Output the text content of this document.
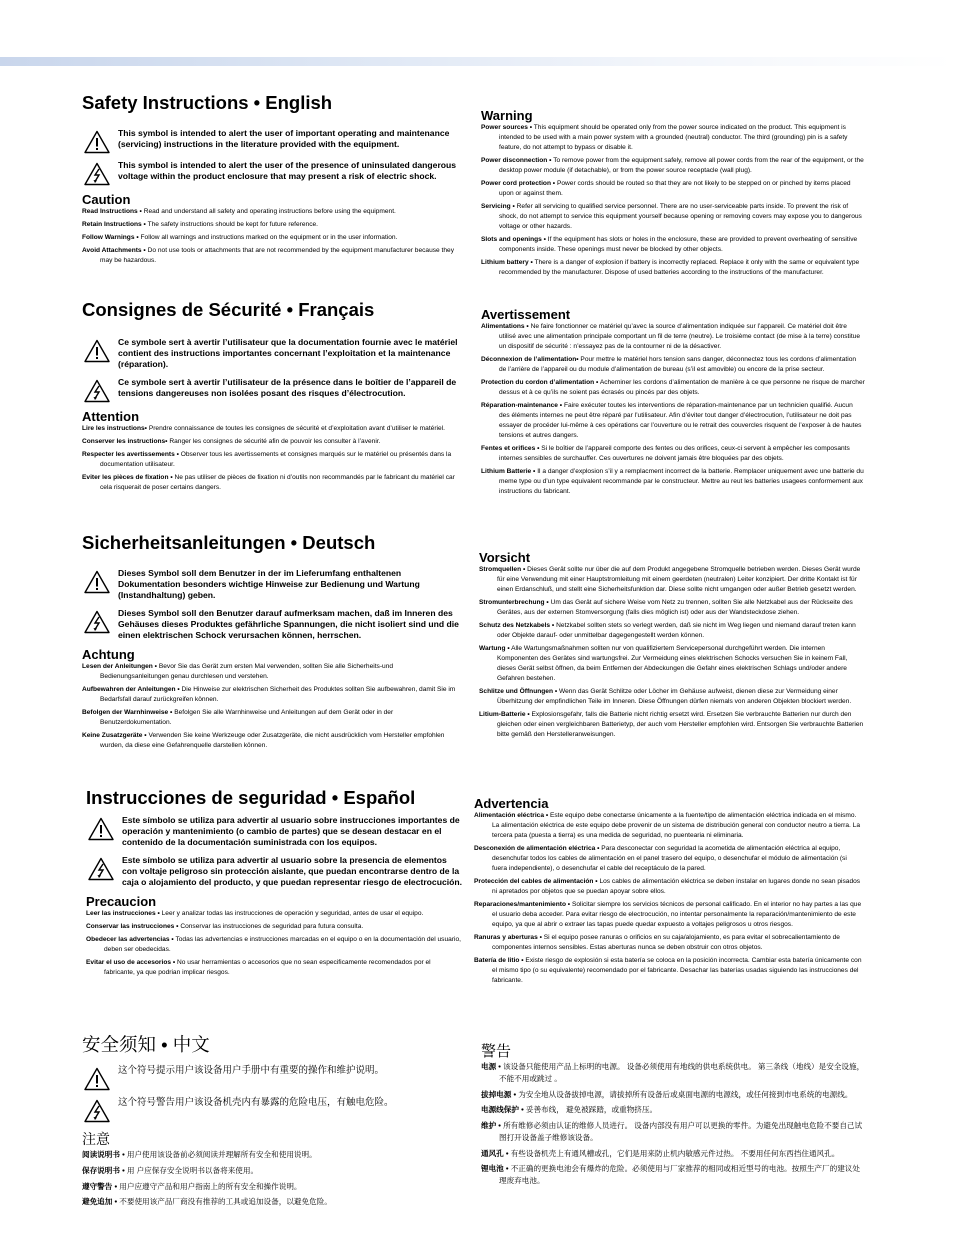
Safety Instructions • English
This symbol is intended to alert the user of important operating and maintenance (servicing) instructions in the literature provided with the equipment.
This symbol is intended to alert the user of the presence of uninsulated dangerous voltage within the product enclosure that may present a risk of electric shock.
Caution
Read Instructions • Read and understand all safety and operating instructions before using the equipment.
Retain Instructions • The safety instructions should be kept for future reference.
Follow Warnings • Follow all warnings and instructions marked on the equipment or in the user information.
Avoid Attachments • Do not use tools or attachments that are not recommended by the equipment manufacturer because they may be hazardous.
Warning
Power sources • This equipment should be operated only from the power source indicated on the product. This equipment is intended to be used with a main power system with a grounded (neutral) conductor. The third (grounding) pin is a safety feature, do not attempt to bypass or disable it.
Power disconnection • To remove power from the equipment safely, remove all power cords from the rear of the equipment, or the desktop power module (if detachable), or from the power source receptacle (wall plug).
Power cord protection • Power cords should be routed so that they are not likely to be stepped on or pinched by items placed upon or against them.
Servicing • Refer all servicing to qualified service personnel. There are no user-serviceable parts inside. To prevent the risk of shock, do not attempt to service this equipment yourself because opening or removing covers may expose you to dangerous voltage or other hazards.
Slots and openings • If the equipment has slots or holes in the enclosure, these are provided to prevent overheating of sensitive components inside. These openings must never be blocked by other objects.
Lithium battery • There is a danger of explosion if battery is incorrectly replaced. Replace it only with the same or equivalent type recommended by the manufacturer. Dispose of used batteries according to the instructions of the manufacturer.
Consignes de Sécurité • Français
Ce symbole sert à avertir l’utilisateur que la documentation fournie avec le matériel contient des instructions importantes concernant l’exploitation et la maintenance (réparation).
Ce symbole sert à avertir l’utilisateur de la présence dans le boîtier de l’appareil de tensions dangereuses non isolées posant des risques d’électrocution.
Attention
Lire les instructions• Prendre connaissance de toutes les consignes de sécurité et d’exploitation avant d’utiliser le matériel.
Conserver les instructions• Ranger les consignes de sécurité afin de pouvoir les consulter à l’avenir.
Respecter les avertissements • Observer tous les avertissements et consignes marqués sur le matériel ou présentés dans la documentation utilisateur.
Eviter les pièces de fixation • Ne pas utiliser de pièces de fixation ni d’outils non recommandés par le fabricant du matériel car cela risquerait de poser certains dangers.
Avertissement
Alimentations • Ne faire fonctionner ce matériel qu’avec la source d’alimentation indiquée sur l’appareil. Ce matériel doit être utilisé avec une alimentation principale comportant un fil de terre (neutre). Le troisième contact (de mise à la terre) constitue un dispositif de sécurité : n’essayez pas de la contourner ni de la désactiver.
Déconnexion de l’alimentation• Pour mettre le matériel hors tension sans danger, déconnectez tous les cordons d’alimentation de l’arrière de l’appareil ou du module d’alimentation de bureau (s’il est amovible) ou encore de la prise secteur.
Protection du cordon d’alimentation • Acheminer les cordons d’alimentation de manière à ce que personne ne risque de marcher dessus et à ce qu’ils ne soient pas écrasés ou pincés par des objets.
Réparation-maintenance • Faire exécuter toutes les interventions de réparation-maintenance par un technicien qualifié. Aucun des éléments internes ne peut être réparé par l’utilisateur. Afin d’éviter tout danger d’électrocution, l’utilisateur ne doit pas essayer de procéder lui-même à ces opérations car l’ouverture ou le retrait des couvercles risquent de l’exposer à de hautes tensions et autres dangers.
Fentes et orifices • Si le boîtier de l’appareil comporte des fentes ou des orifices, ceux-ci servent à empêcher les composants internes sensibles de surchauffer. Ces ouvertures ne doivent jamais être bloquées par des objets.
Lithium Batterie • Il a danger d’explosion s’il y a remplacment incorrect de la batterie. Remplacer uniquement avec une batterie du meme type ou d’un type equivalent recommande par le constructeur. Mettre au reut les batteries usagees conformement aux instructions du fabricant.
Sicherheitsanleitungen • Deutsch
Dieses Symbol soll dem Benutzer in der im Lieferumfang enthaltenen Dokumentation besonders wichtige Hinweise zur Bedienung und Wartung (Instandhaltung) geben.
Dieses Symbol soll den Benutzer darauf aufmerksam machen, daß im Inneren des Gehäuses dieses Produktes gefährliche Spannungen, die nicht isoliert sind und die einen elektrischen Schock verursachen können, herrschen.
Achtung
Lesen der Anleitungen • Bevor Sie das Gerät zum ersten Mal verwenden, sollten Sie alle Sicherheits-und Bedienungsanleitungen genau durchlesen und verstehen.
Aufbewahren der Anleitungen • Die Hinweise zur elektrischen Sicherheit des Produktes sollten Sie aufbewahren, damit Sie im Bedarfsfall darauf zurückgreifen können.
Befolgen der Warnhinweise • Befolgen Sie alle Warnhinweise und Anleitungen auf dem Gerät oder in der Benutzerdokumentation.
Keine Zusatzgeräte • Verwenden Sie keine Werkzeuge oder Zusatzgeräte, die nicht ausdrücklich vom Hersteller empfohlen wurden, da diese eine Gefahrenquelle darstellen können.
Vorsicht
Stromquellen • Dieses Gerät sollte nur über die auf dem Produkt angegebene Stromquelle betrieben werden. Dieses Gerät wurde für eine Verwendung mit einer Hauptstromleitung mit einem geerdeten (neutralen) Leiter konzipiert. Der dritte Kontakt ist für einen Erdanschluß, und stellt eine Sicherheitsfunktion dar. Diese sollte nicht umgangen oder außer Betrieb gesetzt werden.
Stromunterbrechung • Um das Gerät auf sichere Weise vom Netz zu trennen, sollten Sie alle Netzkabel aus der Rückseite des Gerätes, aus der externen Stomversorgung (falls dies möglich ist) oder aus der Wandsteckdose ziehen.
Schutz des Netzkabels • Netzkabel sollten stets so verlegt werden, daß sie nicht im Weg liegen und niemand darauf treten kann oder Objekte darauf- oder unmittelbar dagegengestellt werden können.
Wartung • Alle Wartungsmaßnahmen sollten nur von qualifiziertem Servicepersonal durchgeführt werden. Die internen Komponenten des Gerätes sind wartungsfrei. Zur Vermeidung eines elektrischen Schocks versuchen Sie in keinem Fall, dieses Gerät selbst öffnen, da beim Entfernen der Abdeckungen die Gefahr eines elektrischen Schlags und/oder andere Gefahren bestehen.
Schlitze und Öffnungen • Wenn das Gerät Schlitze oder Löcher im Gehäuse aufweist, dienen diese zur Vermeidung einer Überhitzung der empfindlichen Teile im Inneren. Diese Öffnungen dürfen niemals von anderen Objekten blockiert werden.
Litium-Batterie • Explosionsgefahr, falls die Batterie nicht richtig ersetzt wird. Ersetzen Sie verbrauchte Batterien nur durch den gleichen oder einen vergleichbaren Batterietyp, der auch vom Hersteller empfohlen wird. Entsorgen Sie verbrauchte Batterien bitte gemäß den Herstelleranweisungen.
Instrucciones de seguridad • Español
Este símbolo se utiliza para advertir al usuario sobre instrucciones importantes de operación y mantenimiento (o cambio de partes) que se desean destacar en el contenido de la documentación suministrada con los equipos.
Este símbolo se utiliza para advertir al usuario sobre la presencia de elementos con voltaje peligroso sin protección aislante, que puedan encontrarse dentro de la caja o alojamiento del producto, y que puedan representar riesgo de electrocución.
Precaucion
Leer las instrucciones • Leer y analizar todas las instrucciones de operación y seguridad, antes de usar el equipo.
Conservar las instrucciones • Conservar las instrucciones de seguridad para futura consulta.
Obedecer las advertencias • Todas las advertencias e instrucciones marcadas en el equipo o en la documentación del usuario, deben ser obedecidas.
Evitar el uso de accesorios • No usar herramientas o accesorios que no sean especificamente recomendados por el fabricante, ya que podrian implicar riesgos.
Advertencia
Alimentación eléctrica • Este equipo debe conectarse únicamente a la fuente/tipo de alimentación eléctrica indicada en el mismo. La alimentación eléctrica de este equipo debe provenir de un sistema de distribución general con conductor neutro a tierra. La tercera pata (puesta a tierra) es una medida de seguridad, no puentearia ni eliminaria.
Desconexión de alimentación eléctrica • Para desconectar con seguridad la acometida de alimentación eléctrica al equipo, desenchufar todos los cables de alimentación en el panel trasero del equipo, o desenchufar el módulo de alimentación (si fuera independiente), o desenchufar el cable del receptáculo de la pared.
Protección del cables de alimentación • Los cables de alimentación eléctrica se deben instalar en lugares donde no sean pisados ni apretados por objetos que se puedan apoyar sobre ellos.
Reparaciones/mantenimiento • Solicitar siempre los servicios técnicos de personal calificado. En el interior no hay partes a las que el usuario deba acceder. Para evitar riesgo de electrocución, no intentar personalmente la reparación/mantenimiento de este equipo, ya que al abrir o extraer las tapas puede quedar expuesto a voltajes peligrosos u otros riesgos.
Ranuras y aberturas • Si el equipo posee ranuras o orificios en su caja/alojamiento, es para evitar el sobrecalientamiento de componentes internos sensibles. Estas aberturas nunca se deben obstruir con otros objetos.
Batería de litio • Existe riesgo de explosión si esta batería se coloca en la posición incorrecta. Cambiar esta batería únicamente con el mismo tipo (o su equivalente) recomendado por el fabricante. Desachar las baterías usadas siguiendo las instrucciones del fabricante.
安全须知 • 中文
这个符号提示用户该设备用户手册中有重要的操作和维护说明。
这个符号警告用户该设备机壳内有暴露的危险电压，有触电危险。
注意
阅读说明书 • 用户使用该设备前必须阅读并理解所有安全和使用说明。
保存说明书 • 用 户应保存安全说明书以备将来使用。
遵守警告 • 用户应遵守产品和用户指南上的所有安全和操作说明。
避免追加 • 不要使用该产品厂商没有推荐的工具或追加设备，以避免危险。
警告
电源 • 该设备只能使用产品上标明的电源。 设备必须使用有地线的供电系统供电。 第三条线（地线）是安全设施，不能不用或跳过 。
拔掉电源 • 为安全地从设备拔掉电源，请拔掉所有设备后或桌面电源的电源线，或任何接到市电系统的电源线。
电源线保护 • 妥善布线， 避免被踩踏，或重物挤压。
维护 • 所有维修必须由认证的维修人员进行。 设备内部没有用户可以更换的零件。为避免出现触电危险不要自己试图打开设备盖子维修该设备。
通风孔 • 有些设备机壳上有通风槽或孔，它们是用来防止机内敏感元件过热。 不要用任何东西挡住通风孔。
锂电池 • 不正确的更换电池会有爆炸的危险。必须使用与厂家推荐的相同或相近型号的电池。按照生产厂的建议处理废弃电池。
